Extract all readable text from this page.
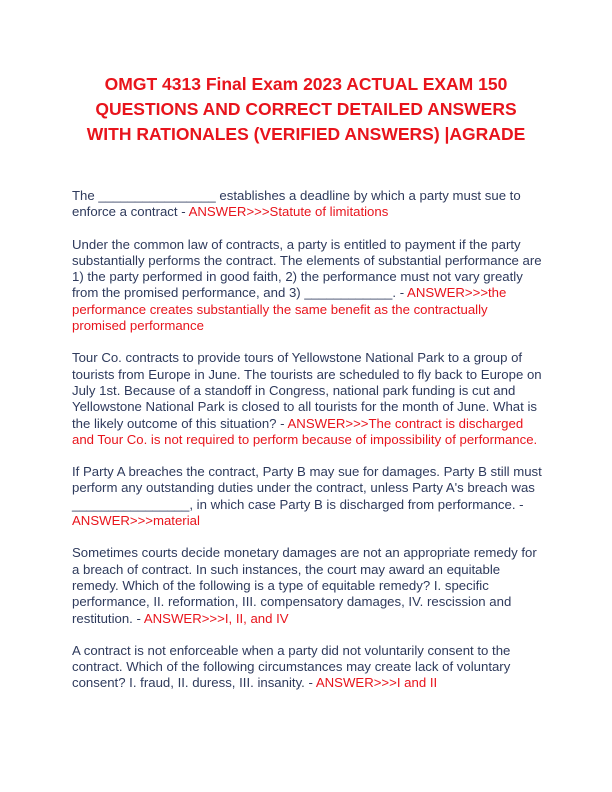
OMGT 4313 Final Exam 2023 ACTUAL EXAM 150 QUESTIONS AND CORRECT DETAILED ANSWERS WITH RATIONALES (VERIFIED ANSWERS) |AGRADE

The ________________ establishes a deadline by which a party must sue to enforce a contract - ANSWER>>>Statute of limitations

Under the common law of contracts, a party is entitled to payment if the party substantially performs the contract. The elements of substantial performance are 1) the party performed in good faith, 2) the performance must not vary greatly from the promised performance, and 3) ____________. - ANSWER>>>the performance creates substantially the same benefit as the contractually promised performance

Tour Co. contracts to provide tours of Yellowstone National Park to a group of tourists from Europe in June. The tourists are scheduled to fly back to Europe on July 1st. Because of a standoff in Congress, national park funding is cut and Yellowstone National Park is closed to all tourists for the month of June. What is the likely outcome of this situation? - ANSWER>>>The contract is discharged and Tour Co. is not required to perform because of impossibility of performance.

If Party A breaches the contract, Party B may sue for damages. Party B still must perform any outstanding duties under the contract, unless Party A's breach was ________________, in which case Party B is discharged from performance. - ANSWER>>>material

Sometimes courts decide monetary damages are not an appropriate remedy for a breach of contract. In such instances, the court may award an equitable remedy. Which of the following is a type of equitable remedy? I. specific performance, II. reformation, III. compensatory damages, IV. rescission and restitution. - ANSWER>>>I, II, and IV

A contract is not enforceable when a party did not voluntarily consent to the contract. Which of the following circumstances may create lack of voluntary consent? I. fraud, II. duress, III. insanity. - ANSWER>>>I and II
